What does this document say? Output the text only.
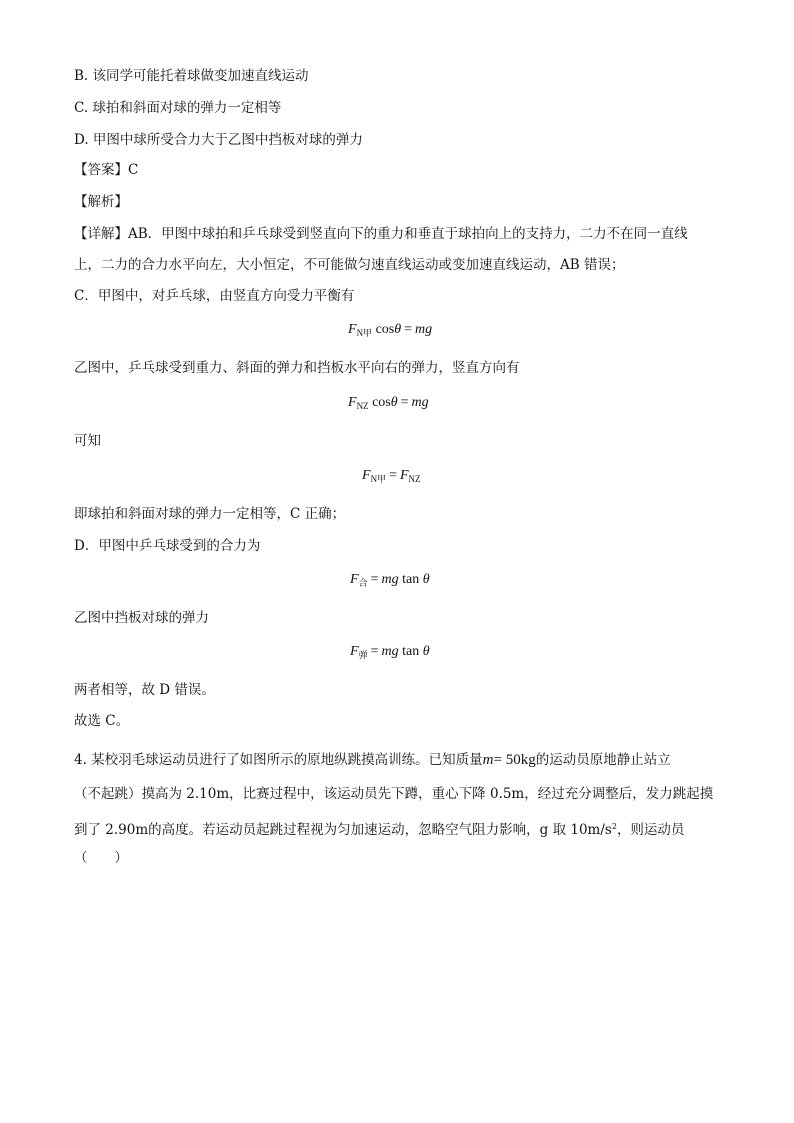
B. 该同学可能托着球做变加速直线运动
C. 球拍和斜面对球的弹力一定相等
D. 甲图中球所受合力大于乙图中挡板对球的弹力
【答案】C
【解析】
【详解】AB．甲图中球拍和乒乓球受到竖直向下的重力和垂直于球拍向上的支持力，二力不在同一直线
上，二力的合力水平向左，大小恒定，不可能做匀速直线运动或变加速直线运动，AB 错误；
C．甲图中，对乒乓球，由竖直方向受力平衡有
$F_{N甲}$ cosθ = mg
乙图中，乒乓球受到重力、斜面的弹力和挡板水平向右的弹力，竖直方向有
$F_{NZ}$ cosθ = mg
可知
$F_{N甲} = F_{NZ}$
即球拍和斜面对球的弹力一定相等，C 正确；
D．甲图中乒乓球受到的合力为
$F_合$ = mg tan θ
乙图中挡板对球的弹力
$F_弹$ = mg tan θ
两者相等，故 D 错误。
故选 C。
4. 某校羽毛球运动员进行了如图所示的原地纵跳摸高训练。已知质量m= 50kg的运动员原地静止站立
（不起跳）摸高为 2.10m，比赛过程中，该运动员先下蹲，重心下降 0.5m，经过充分调整后，发力跳起摸
到了 2.90m的高度。若运动员起跳过程视为匀加速运动，忽略空气阻力影响，g 取 $10m/s^2$，则运动员
（　　）
